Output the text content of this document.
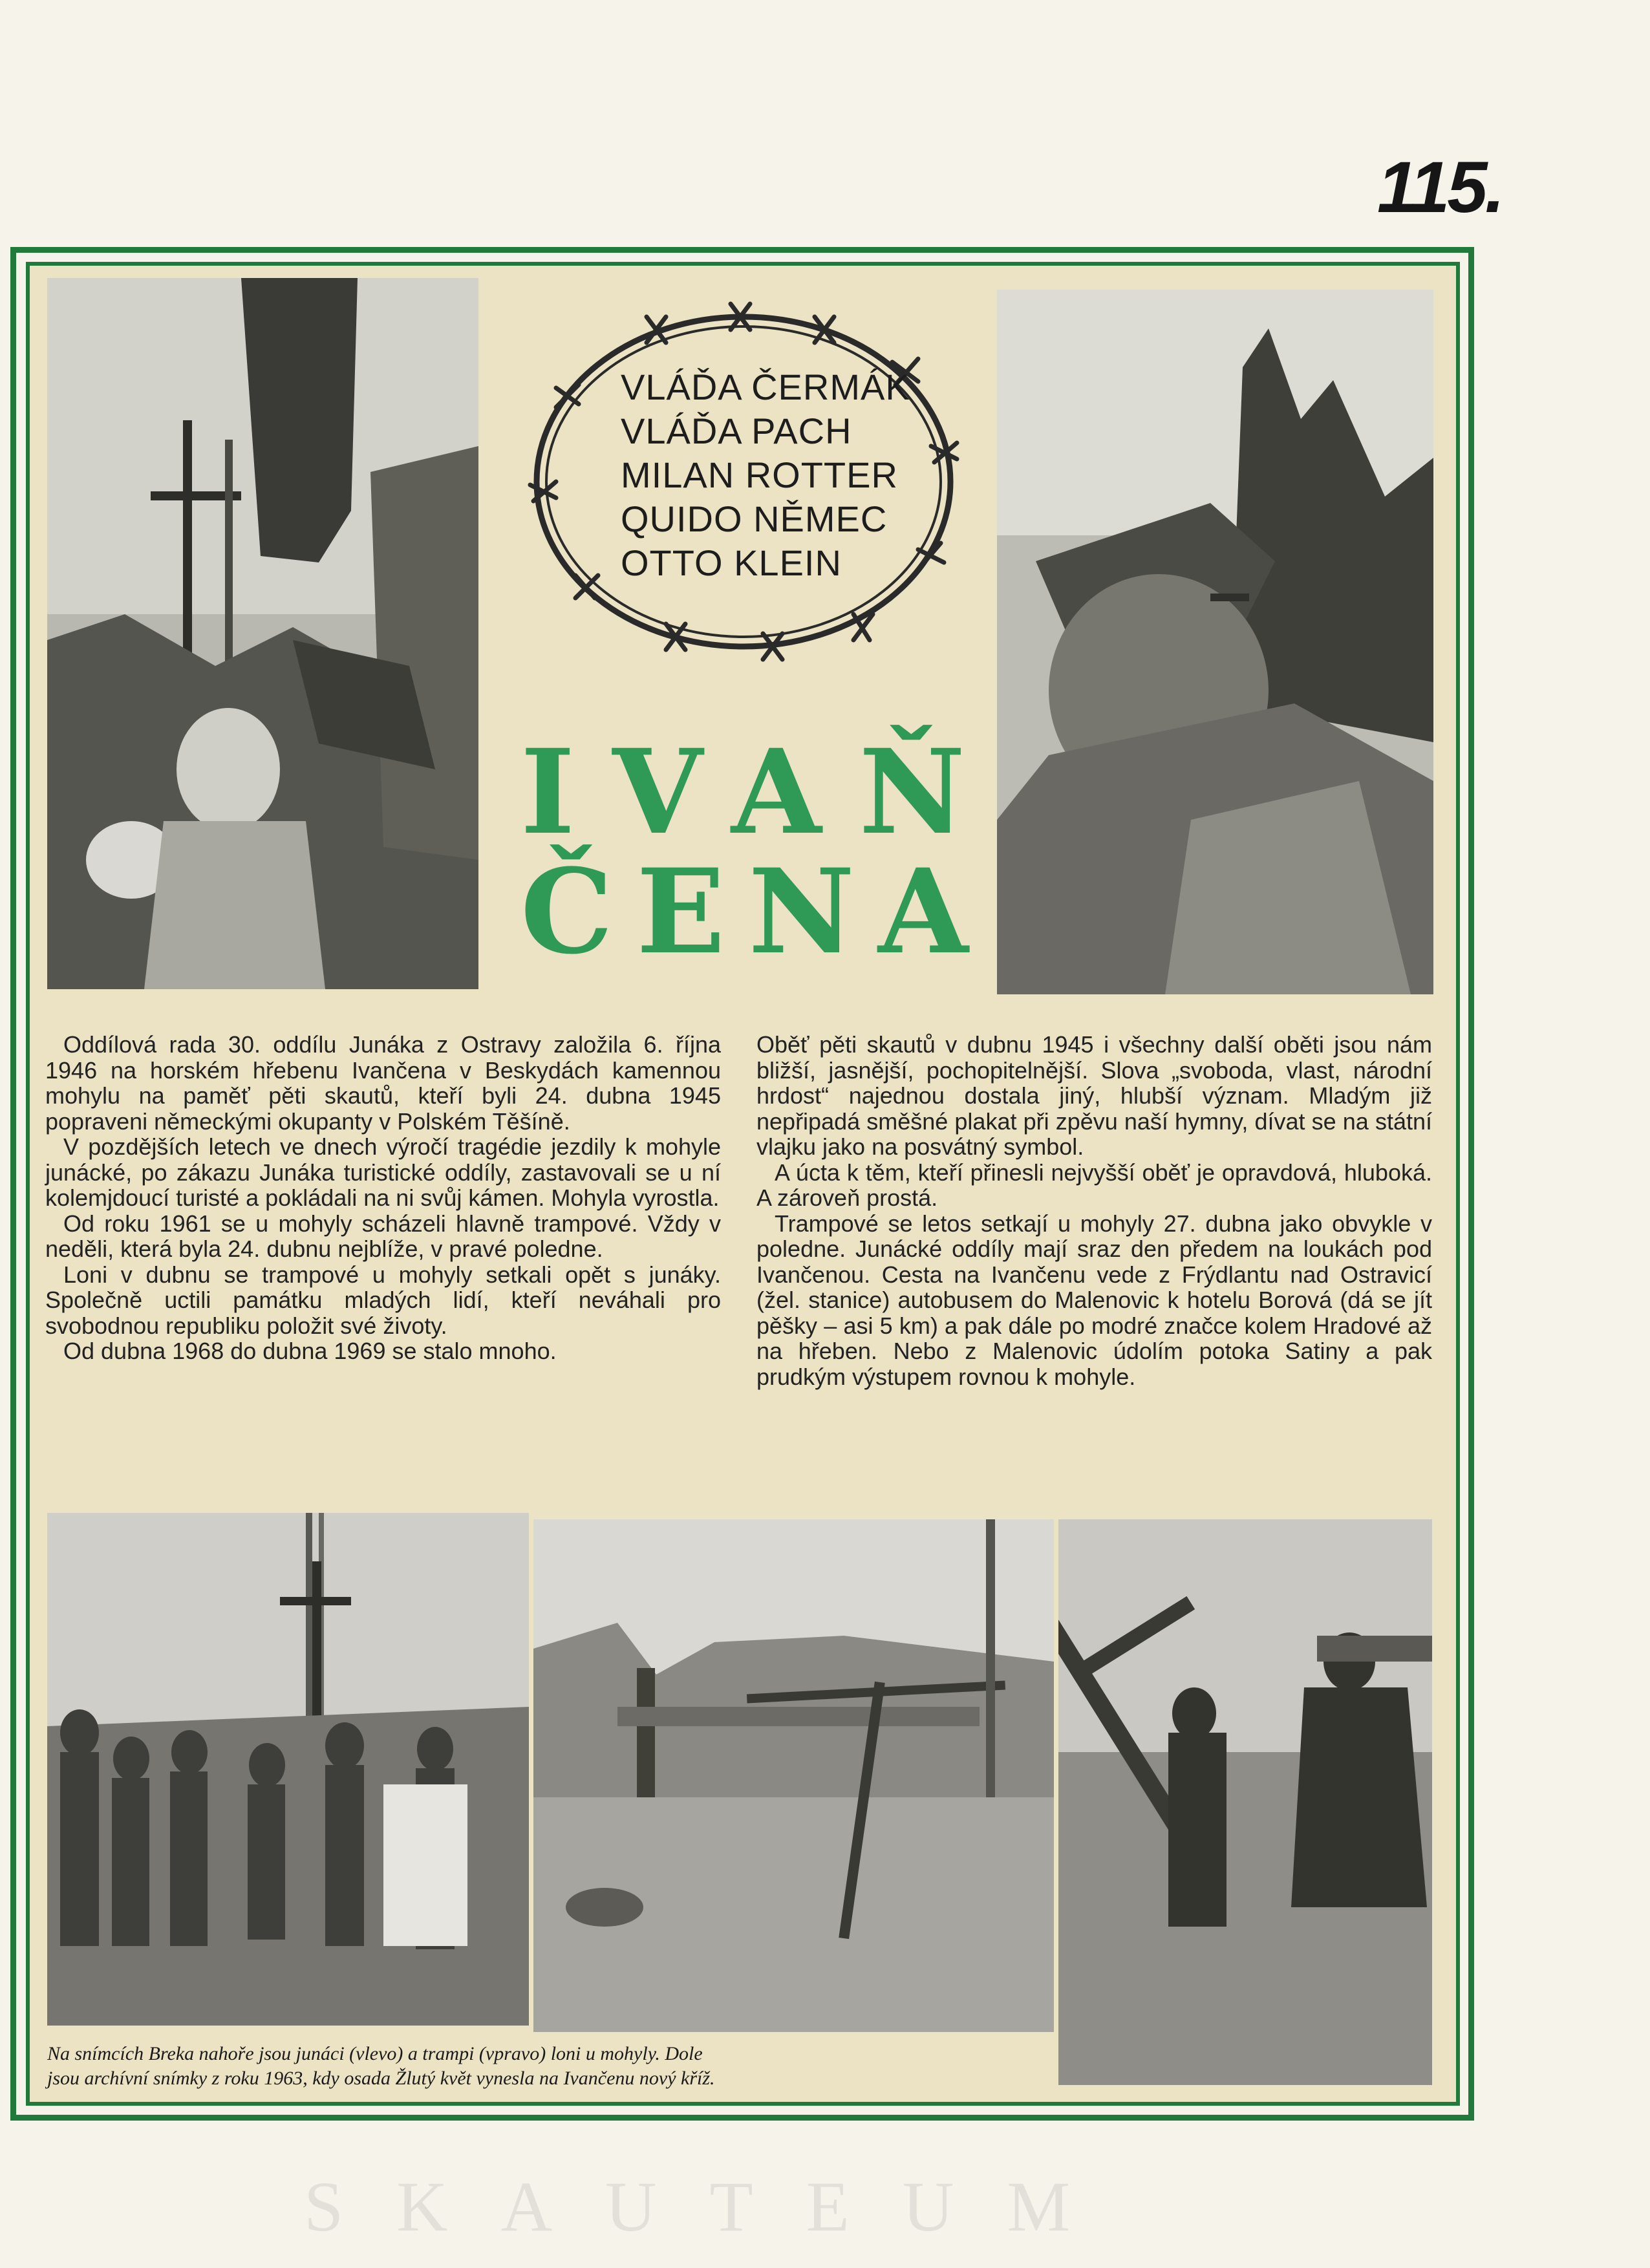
115.
VLÁĎA ČERMÁK
VLÁĎA PACH
MILAN ROTTER
QUIDO NĚMEC
OTTO KLEIN
IVAŇ
ČENA

Oddílová rada 30. oddílu Junáka z Ostravy založila 6. října 1946 na horském hřebenu Ivančena v Beskydách kamennou mohylu na paměť pěti skautů, kteří byli 24. dubna 1945 popraveni německými okupanty v Polském Těšíně.

V pozdějších letech ve dnech výročí tragédie jezdily k mohyle junácké, po zákazu Junáka turistické oddíly, zastavovali se u ní kolemjdoucí turisté a pokládali na ni svůj kámen. Mohyla vyrostla.

Od roku 1961 se u mohyly scházeli hlavně trampové. Vždy v neděli, která byla 24. dubnu nejblíže, v pravé poledne.

Loni v dubnu se trampové u mohyly setkali opět s junáky. Společně uctili památku mladých lidí, kteří neváhali pro svobodnou republiku položit své životy.

Od dubna 1968 do dubna 1969 se stalo mnoho.

Oběť pěti skautů v dubnu 1945 i všechny další oběti jsou nám bližší, jasnější, pochopitelnější. Slova „svoboda, vlast, národní hrdost“ najednou dostala jiný, hlubší význam. Mladým již nepřipadá směšné plakat při zpěvu naší hymny, dívat se na státní vlajku jako na posvátný symbol.

A úcta k těm, kteří přinesli nejvyšší oběť je opravdová, hluboká. A zároveň prostá.

Trampové se letos setkají u mohyly 27. dubna jako obvykle v poledne. Junácké oddíly mají sraz den předem na loukách pod Ivančenou. Cesta na Ivančenu vede z Frýdlantu nad Ostravicí (žel. stanice) autobusem do Malenovic k hotelu Borová (dá se jít pěšky – asi 5 km) a pak dále po modré značce kolem Hradové až na hřeben. Nebo z Malenovic údolím potoka Satiny a pak prudkým výstupem rovnou k mohyle.

Na snímcích Breka nahoře jsou junáci (vlevo) a trampi (vpravo) loni u mohyly. Dole
jsou archívní snímky z roku 1963, kdy osada Žlutý květ vynesla na Ivančenu nový kříž.
SKAUTEUM
